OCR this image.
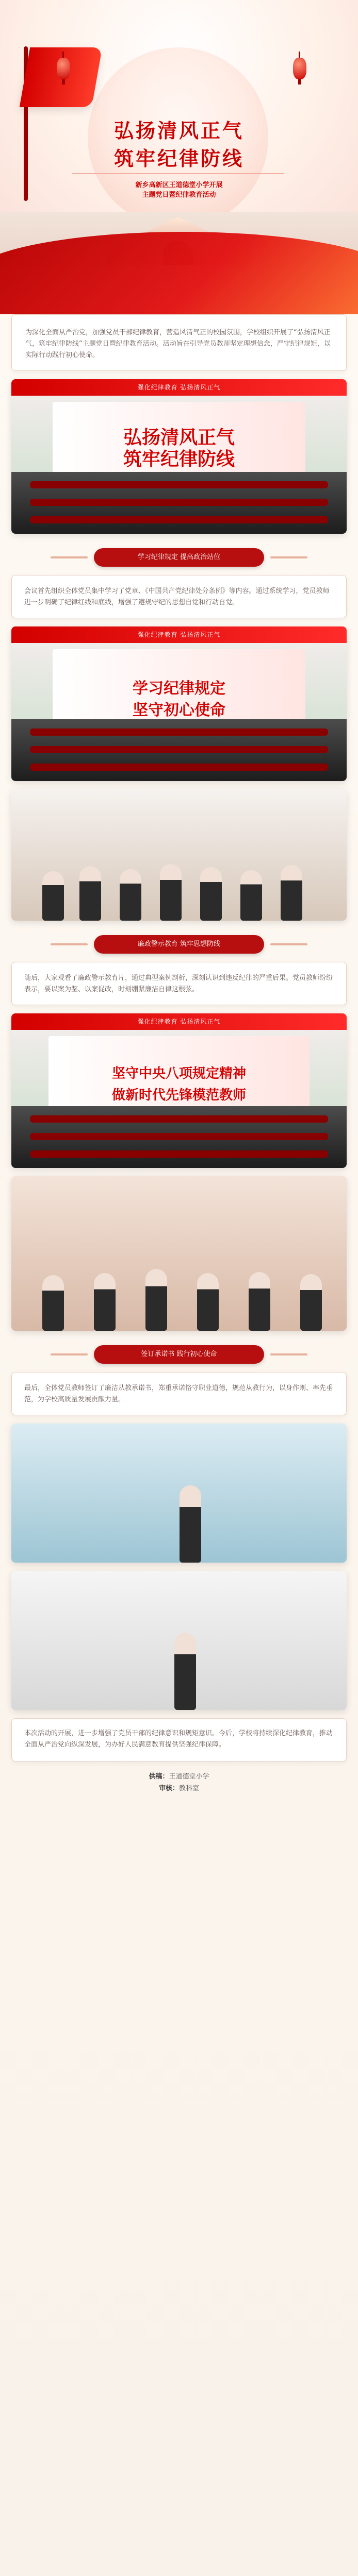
弘扬清风正气
筑牢纪律防线
新乡高新区王道德堂小学开展
主题党日暨纪律教育活动

为深化全面从严治党，加强党员干部纪律教育，营造风清气正的校园氛围，学校组织开展了“弘扬清风正气，筑牢纪律防线”主题党日暨纪律教育活动。活动旨在引导党员教师坚定理想信念，严守纪律规矩，以实际行动践行初心使命。

强化纪律教育 弘扬清风正气
弘扬清风正气
筑牢纪律防线
学习纪律规定 提高政治站位

会议首先组织全体党员集中学习了党章、《中国共产党纪律处分条例》等内容。通过系统学习，党员教师进一步明确了纪律红线和底线，增强了遵规守纪的思想自觉和行动自觉。

强化纪律教育 弘扬清风正气
学习纪律规定
坚守初心使命
廉政警示教育 筑牢思想防线

随后，大家观看了廉政警示教育片，通过典型案例剖析，深刻认识到违反纪律的严重后果。党员教师纷纷表示，要以案为鉴、以案促改，时刻绷紧廉洁自律这根弦。

强化纪律教育 弘扬清风正气
坚守中央八项规定精神
做新时代先锋模范教师
签订承诺书 践行初心使命

最后，全体党员教师签订了廉洁从教承诺书，郑重承诺恪守职业道德，规范从教行为，以身作则、率先垂范，为学校高质量发展贡献力量。

本次活动的开展，进一步增强了党员干部的纪律意识和规矩意识。今后，学校将持续深化纪律教育，推动全面从严治党向纵深发展，为办好人民满意教育提供坚强纪律保障。

供稿：王道德堂小学
审核：教科室
